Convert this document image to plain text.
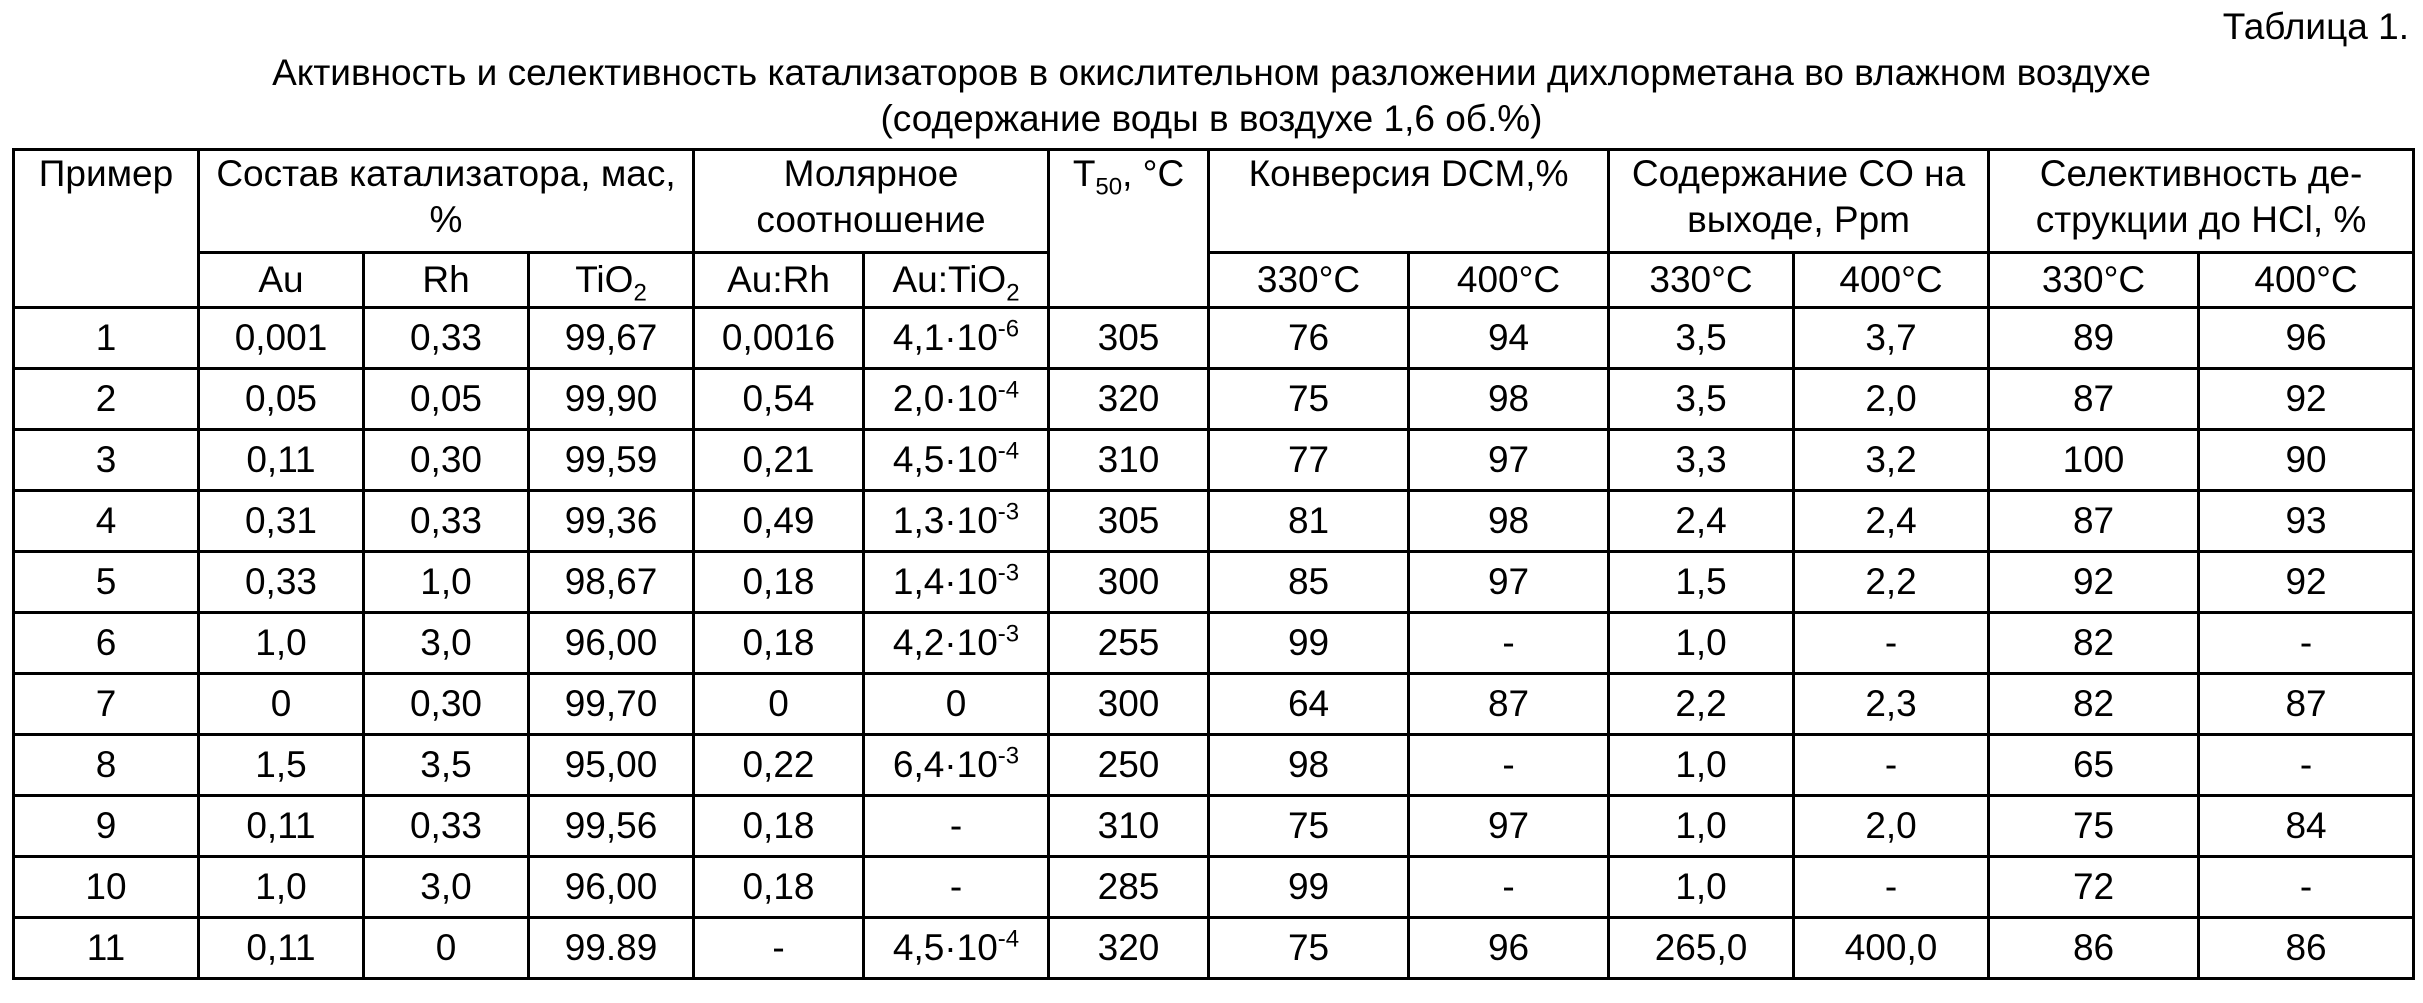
Таблица 1.
Активность и селективность катализаторов в окислительном разложении дихлорметана во влажном воздухе
(содержание воды в воздухе 1,6 об.%)
Пример	Состав катализатора, мас, %			Молярное соотношение		$T_{50}$, °C	Конверсия DCM,%		Содержание CO на выходе, Ppm		Селективность де-струкции до HCl, %	
	Au	Rh	TiO$_2$	Au:Rh	Au:TiO$_2$		330°C	400°C	330°C	400°C	330°C	400°C
1	0,001	0,33	99,67	0,0016	$4,1\cdot 10^{-6}$	305	76	94	3,5	3,7	89	96
2	0,05	0,05	99,90	0,54	$2,0\cdot 10^{-4}$	320	75	98	3,5	2,0	87	92
3	0,11	0,30	99,59	0,21	$4,5\cdot 10^{-4}$	310	77	97	3,3	3,2	100	90
4	0,31	0,33	99,36	0,49	$1,3\cdot 10^{-3}$	305	81	98	2,4	2,4	87	93
5	0,33	1,0	98,67	0,18	$1,4\cdot 10^{-3}$	300	85	97	1,5	2,2	92	92
6	1,0	3,0	96,00	0,18	$4,2\cdot 10^{-3}$	255	99	-	1,0	-	82	-
7	0	0,30	99,70	0	0	300	64	87	2,2	2,3	82	87
8	1,5	3,5	95,00	0,22	$6,4\cdot 10^{-3}$	250	98	-	1,0	-	65	-
9	0,11	0,33	99,56	0,18	-	310	75	97	1,0	2,0	75	84
10	1,0	3,0	96,00	0,18	-	285	99	-	1,0	-	72	-
11	0,11	0	99.89	-	$4,5\cdot 10^{-4}$	320	75	96	265,0	400,0	86	86
